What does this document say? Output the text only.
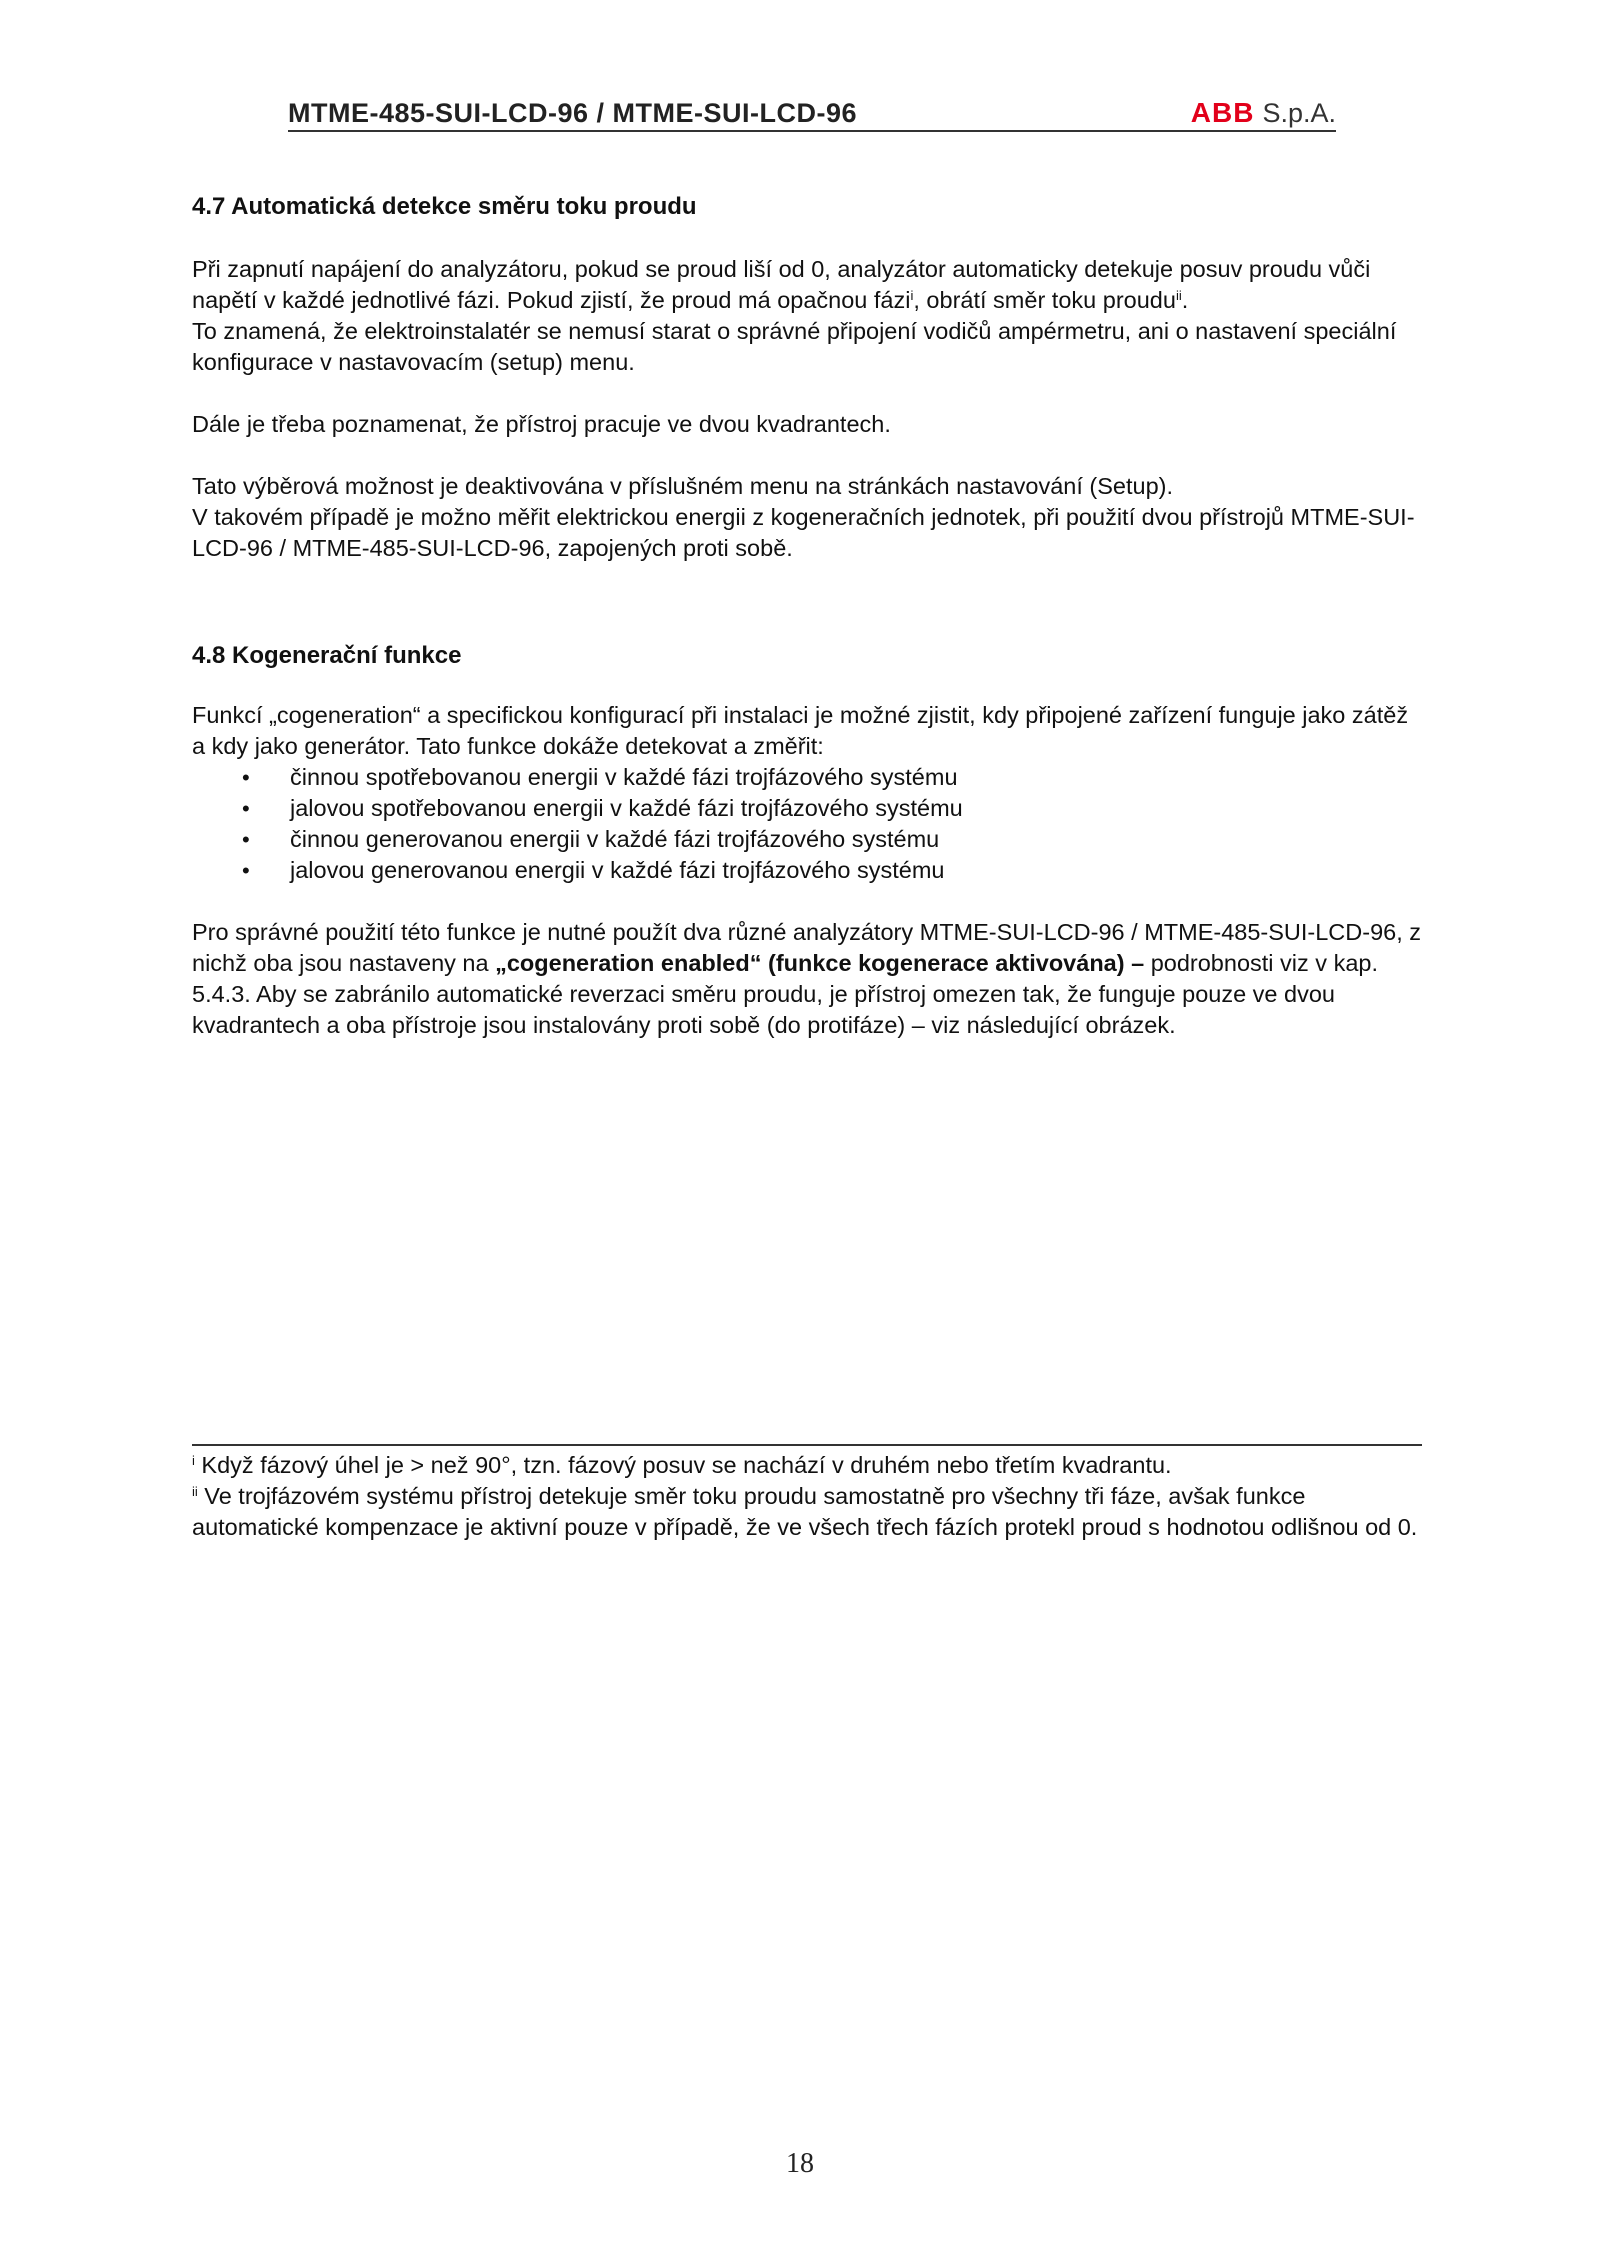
MTME-485-SUI-LCD-96 / MTME-SUI-LCD-96	ABB S.p.A.
4.7 Automatická detekce směru toku proudu

Při zapnutí napájení do analyzátoru, pokud se proud liší od 0, analyzátor automaticky detekuje posuv proudu vůči napětí v každé jednotlivé fázi. Pokud zjistí, že proud má opačnou fázi$^i$, obrátí směr toku proudu$^{ii}$.

To znamená, že elektroinstalatér se nemusí starat o správné připojení vodičů ampérmetru, ani o nastavení speciální konfigurace v nastavovacím (setup) menu.

Dále je třeba poznamenat, že přístroj pracuje ve dvou kvadrantech.

Tato výběrová možnost je deaktivována v příslušném menu na stránkách nastavování (Setup).

V takovém případě je možno měřit elektrickou energii z kogeneračních jednotek, při použití dvou přístrojů MTME-SUI-LCD-96 / MTME-485-SUI-LCD-96, zapojených proti sobě.

4.8 Kogenerační funkce

Funkcí „cogeneration“ a specifickou konfigurací při instalaci je možné zjistit, kdy připojené zařízení funguje jako zátěž a kdy jako generátor. Tato funkce dokáže detekovat a změřit:

• činnou spotřebovanou energii v každé fázi trojfázového systému
• jalovou spotřebovanou energii v každé fázi trojfázového systému
• činnou generovanou energii v každé fázi trojfázového systému
• jalovou generovanou energii v každé fázi trojfázového systému

Pro správné použití této funkce je nutné použít dva různé analyzátory MTME-SUI-LCD-96 / MTME-485-SUI-LCD-96, z nichž oba jsou nastaveny na „cogeneration enabled“ (funkce kogenerace aktivována) – podrobnosti viz v kap. 5.4.3. Aby se zabránilo automatické reverzaci směru proudu, je přístroj omezen tak, že funguje pouze ve dvou kvadrantech a oba přístroje jsou instalovány proti sobě (do protifáze) – viz následující obrázek.

$^i$ Když fázový úhel je > než 90°, tzn. fázový posuv se nachází v druhém nebo třetím kvadrantu.

$^{ii}$ Ve trojfázovém systému přístroj detekuje směr toku proudu samostatně pro všechny tři fáze, avšak funkce automatické kompenzace je aktivní pouze v případě, že ve všech třech fázích protekl proud s hodnotou odlišnou od 0.

18
